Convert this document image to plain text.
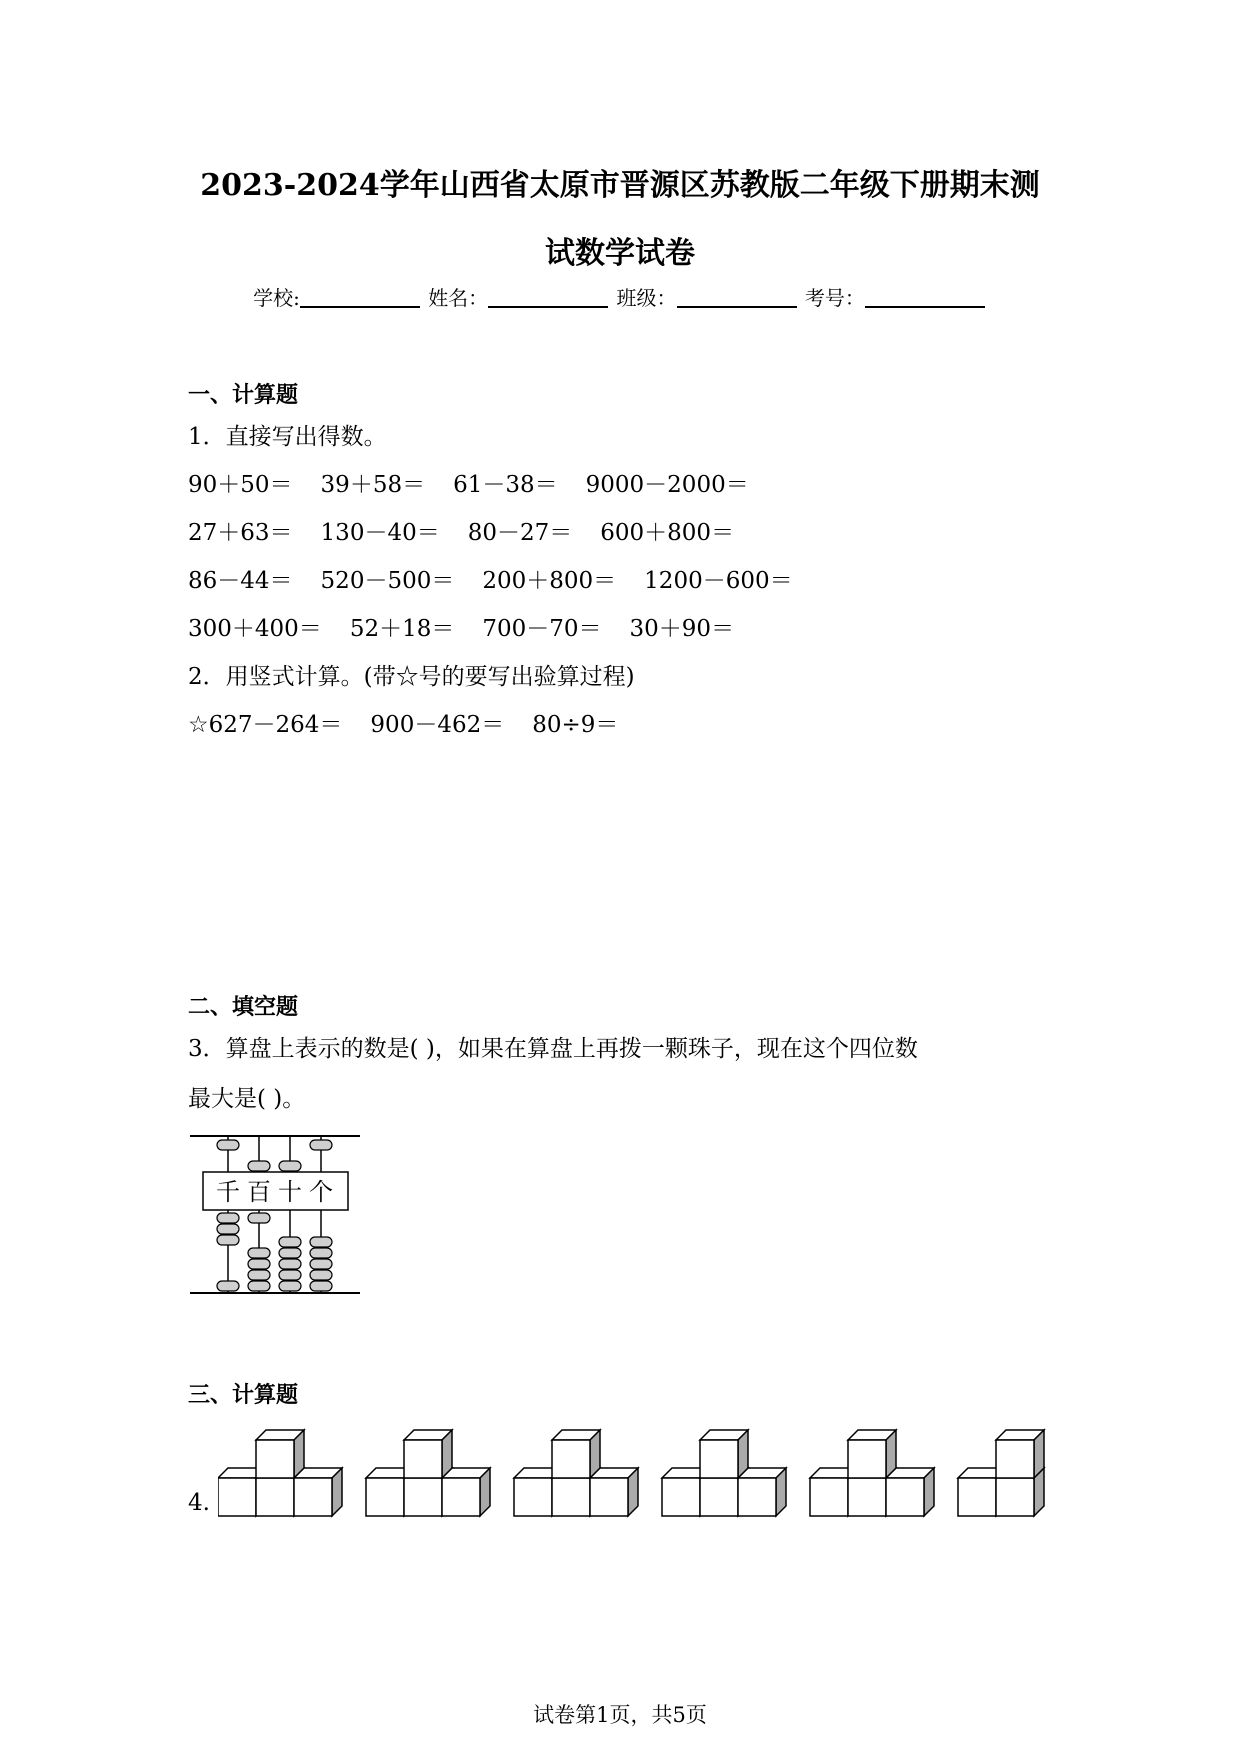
2023-2024学年山西省太原市晋源区苏教版二年级下册期末测
试数学试卷
学校:	姓名：	班级：	考号：
一、计算题
1．直接写出得数。
90＋50＝ 39＋58＝ 61－38＝ 9000－2000＝
27＋63＝ 130－40＝ 80－27＝ 600＋800＝
86－44＝ 520－500＝ 200＋800＝ 1200－600＝
300＋400＝ 52＋18＝ 700－70＝ 30＋90＝
2．用竖式计算。(带☆号的要写出验算过程)
☆627－264＝ 900－462＝ 80÷9＝
二、填空题
3．算盘上表示的数是( )，如果在算盘上再拨一颗珠子，现在这个四位数
最大是( )。
千 百 十 个
三、计算题
4.
试卷第1页，共5页
